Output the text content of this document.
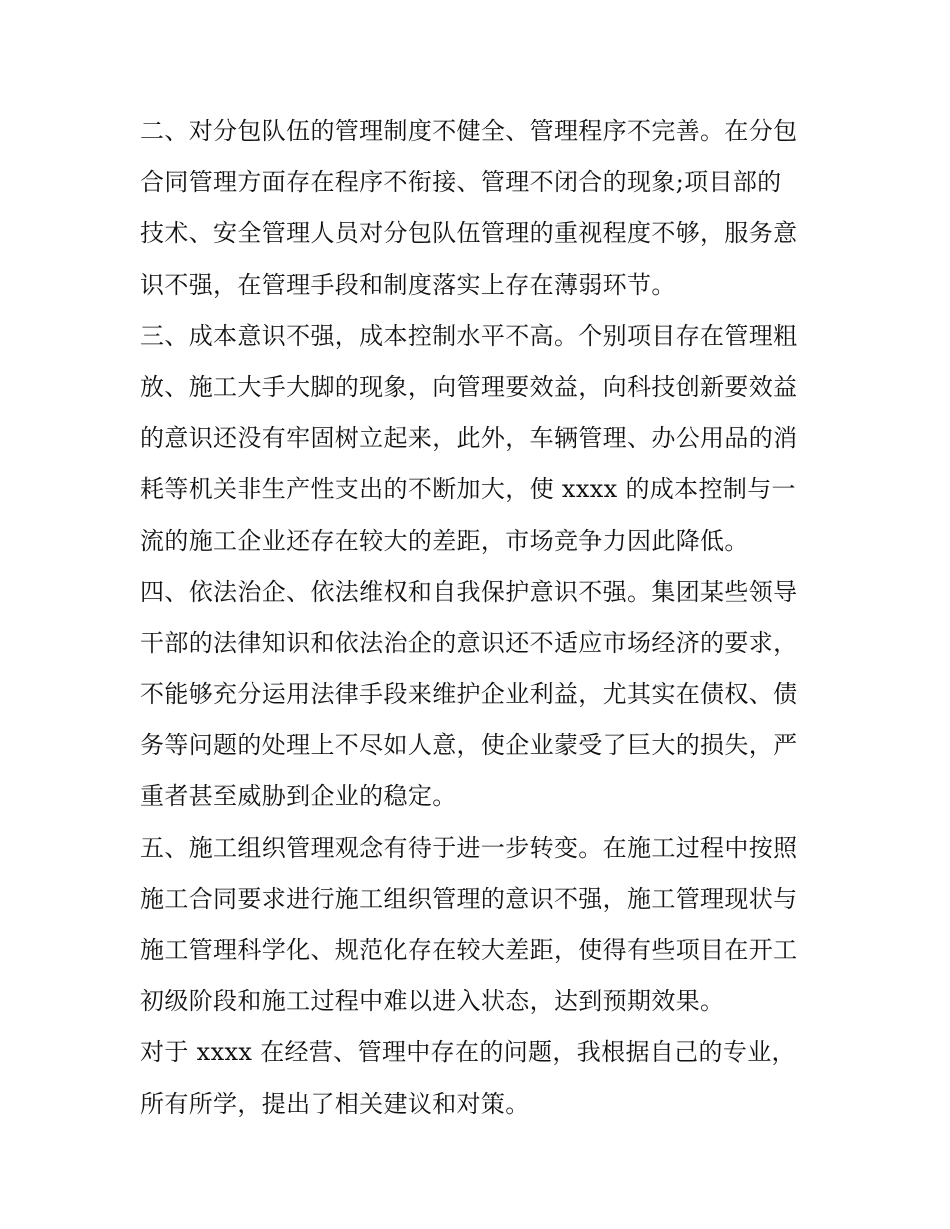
二、对分包队伍的管理制度不健全、管理程序不完善。在分包
合同管理方面存在程序不衔接、管理不闭合的现象;项目部的
技术、安全管理人员对分包队伍管理的重视程度不够，服务意
识不强，在管理手段和制度落实上存在薄弱环节。
三、成本意识不强，成本控制水平不高。个别项目存在管理粗
放、施工大手大脚的现象，向管理要效益，向科技创新要效益
的意识还没有牢固树立起来，此外，车辆管理、办公用品的消
耗等机关非生产性支出的不断加大，使 xxxx 的成本控制与一
流的施工企业还存在较大的差距，市场竞争力因此降低。
四、依法治企、依法维权和自我保护意识不强。集团某些领导
干部的法律知识和依法治企的意识还不适应市场经济的要求，
不能够充分运用法律手段来维护企业利益，尤其实在债权、债
务等问题的处理上不尽如人意，使企业蒙受了巨大的损失，严
重者甚至威胁到企业的稳定。
五、施工组织管理观念有待于进一步转变。在施工过程中按照
施工合同要求进行施工组织管理的意识不强，施工管理现状与
施工管理科学化、规范化存在较大差距，使得有些项目在开工
初级阶段和施工过程中难以进入状态，达到预期效果。
对于 xxxx 在经营、管理中存在的问题，我根据自己的专业，
所有所学，提出了相关建议和对策。
